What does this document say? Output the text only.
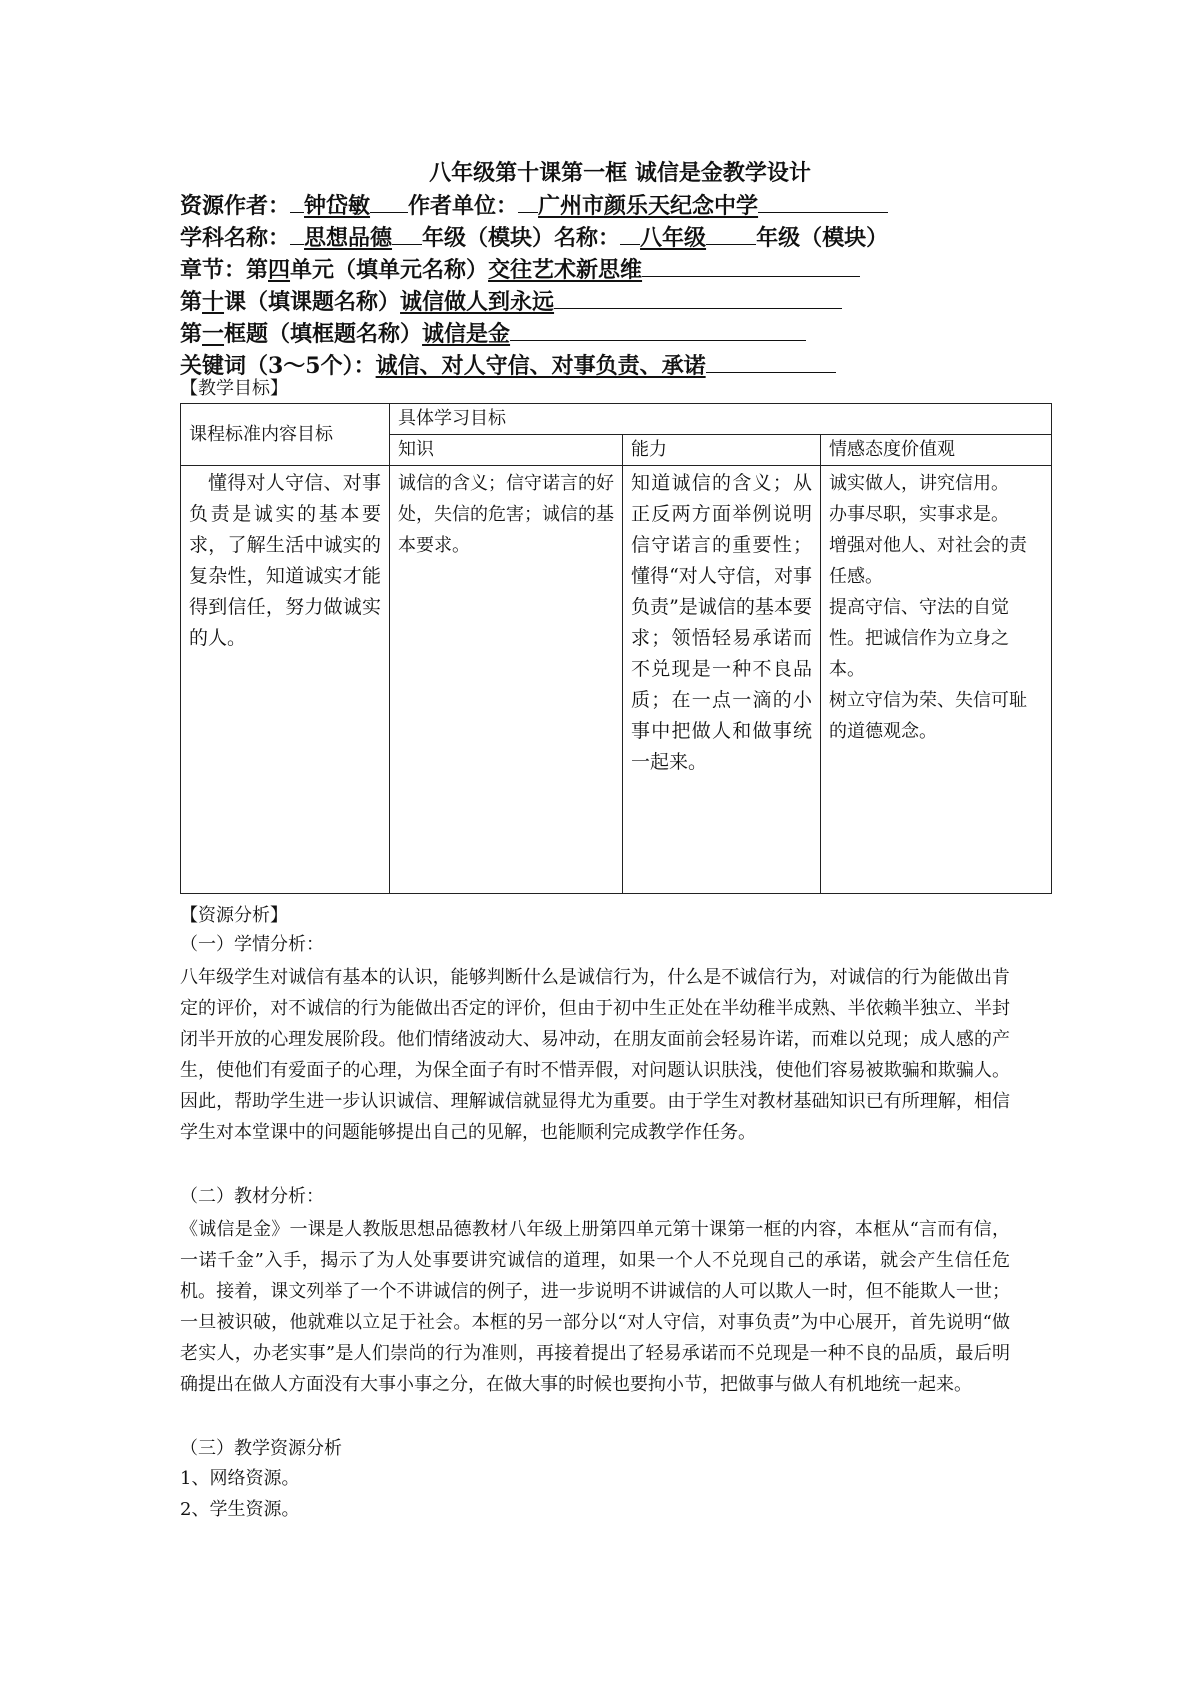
八年级第十课第一框 诚信是金教学设计
资源作者： 钟岱敏 作者单位： 广州市颜乐天纪念中学
学科名称： 思想品德 年级（模块）名称： 八年级 年级（模块）
章节：第四单元（填单元名称）交往艺术新思维
第十课（填课题名称）诚信做人到永远
第一框题（填框题名称）诚信是金
关键词（3～5个）：诚信、对人守信、对事负责、承诺
【教学目标】
课程标准内容目标	具体学习目标		
	知识	能力	情感态度价值观
懂得对人守信、对事负责是诚实的基本要求，了解生活中诚实的复杂性，知道诚实才能得到信任，努力做诚实的人。	诚信的含义；信守诺言的好处，失信的危害；诚信的基本要求。	知道诚信的含义；从正反两方面举例说明信守诺言的重要性；懂得“对人守信，对事负责”是诚信的基本要求；领悟轻易承诺而不兑现是一种不良品质；在一点一滴的小事中把做人和做事统一起来。	诚实做人，讲究信用。
办事尽职，实事求是。
增强对他人、对社会的责任感。
提高守信、守法的自觉性。把诚信作为立身之本。
树立守信为荣、失信可耻的道德观念。
【资源分析】
（一）学情分析：
八年级学生对诚信有基本的认识，能够判断什么是诚信行为，什么是不诚信行为，对诚信的行为能做出肯定的评价，对不诚信的行为能做出否定的评价，但由于初中生正处在半幼稚半成熟、半依赖半独立、半封闭半开放的心理发展阶段。他们情绪波动大、易冲动，在朋友面前会轻易许诺，而难以兑现；成人感的产生，使他们有爱面子的心理，为保全面子有时不惜弄假，对问题认识肤浅，使他们容易被欺骗和欺骗人。因此，帮助学生进一步认识诚信、理解诚信就显得尤为重要。由于学生对教材基础知识已有所理解，相信学生对本堂课中的问题能够提出自己的见解，也能顺利完成教学作任务。
（二）教材分析：
《诚信是金》一课是人教版思想品德教材八年级上册第四单元第十课第一框的内容，本框从“言而有信，一诺千金”入手，揭示了为人处事要讲究诚信的道理，如果一个人不兑现自己的承诺，就会产生信任危机。接着，课文列举了一个不讲诚信的例子，进一步说明不讲诚信的人可以欺人一时，但不能欺人一世；一旦被识破，他就难以立足于社会。本框的另一部分以“对人守信，对事负责”为中心展开，首先说明“做老实人，办老实事”是人们崇尚的行为准则，再接着提出了轻易承诺而不兑现是一种不良的品质，最后明确提出在做人方面没有大事小事之分，在做大事的时候也要拘小节，把做事与做人有机地统一起来。
（三）教学资源分析
1、网络资源。
2、学生资源。
